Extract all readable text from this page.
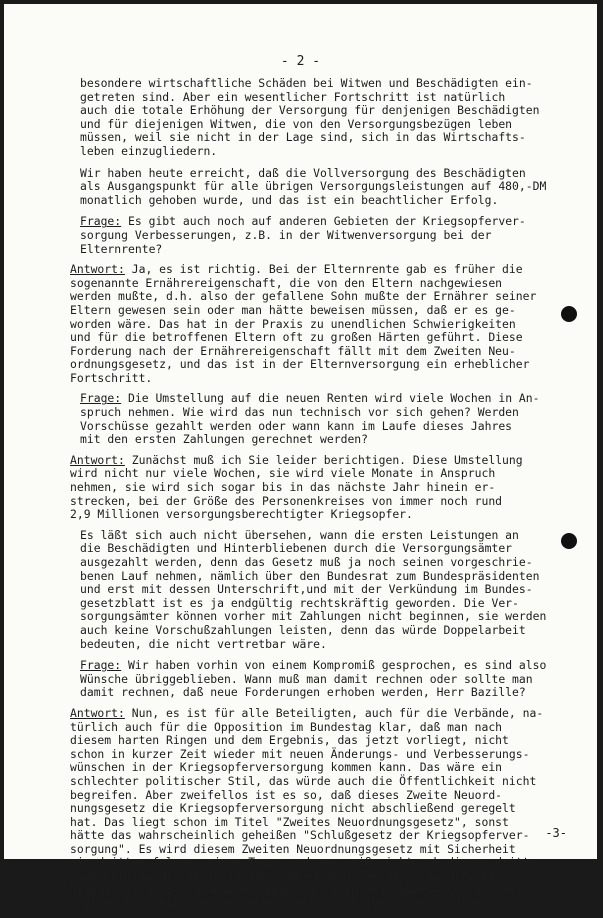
- 2 -
besondere wirtschaftliche Schäden bei Witwen und Beschädigten ein-
getreten sind. Aber ein wesentlicher Fortschritt ist natürlich
auch die totale Erhöhung der Versorgung für denjenigen Beschädigten
und für diejenigen Witwen, die von den Versorgungsbezügen leben
müssen, weil sie nicht in der Lage sind, sich in das Wirtschafts-
leben einzugliedern.
Wir haben heute erreicht, daß die Vollversorgung des Beschädigten
als Ausgangspunkt für alle übrigen Versorgungsleistungen auf 480,-DM
monatlich gehoben wurde, und das ist ein beachtlicher Erfolg.
Frage: Es gibt auch noch auf anderen Gebieten der Kriegsopferver-
sorgung Verbesserungen, z.B. in der Witwenversorgung bei der
Elternrente?
Antwort: Ja, es ist richtig. Bei der Elternrente gab es früher die
sogenannte Ernährereigenschaft, die von den Eltern nachgewiesen
werden mußte, d.h. also der gefallene Sohn mußte der Ernährer seiner
Eltern gewesen sein oder man hätte beweisen müssen, daß er es ge-
worden wäre. Das hat in der Praxis zu unendlichen Schwierigkeiten
und für die betroffenen Eltern oft zu großen Härten geführt. Diese
Forderung nach der Ernährereigenschaft fällt mit dem Zweiten Neu-
ordnungsgesetz, und das ist in der Elternversorgung ein erheblicher
Fortschritt.
Frage: Die Umstellung auf die neuen Renten wird viele Wochen in An-
spruch nehmen. Wie wird das nun technisch vor sich gehen? Werden
Vorschüsse gezahlt werden oder wann kann im Laufe dieses Jahres
mit den ersten Zahlungen gerechnet werden?
Antwort: Zunächst muß ich Sie leider berichtigen. Diese Umstellung
wird nicht nur viele Wochen, sie wird viele Monate in Anspruch
nehmen, sie wird sich sogar bis in das nächste Jahr hinein er-
strecken, bei der Größe des Personenkreises von immer noch rund
2,9 Millionen versorgungsberechtigter Kriegsopfer.
Es läßt sich auch nicht übersehen, wann die ersten Leistungen an
die Beschädigten und Hinterbliebenen durch die Versorgungsämter
ausgezahlt werden, denn das Gesetz muß ja noch seinen vorgeschrie-
benen Lauf nehmen, nämlich über den Bundesrat zum Bundespräsidenten
und erst mit dessen Unterschrift,und mit der Verkündung im Bundes-
gesetzblatt ist es ja endgültig rechtskräftig geworden. Die Ver-
sorgungsämter können vorher mit Zahlungen nicht beginnen, sie werden
auch keine Vorschußzahlungen leisten, denn das würde Doppelarbeit
bedeuten, die nicht vertretbar wäre.
Frage: Wir haben vorhin von einem Kompromiß gesprochen, es sind also
Wünsche übriggeblieben. Wann muß man damit rechnen oder sollte man
damit rechnen, daß neue Forderungen erhoben werden, Herr Bazille?
Antwort: Nun, es ist für alle Beteiligten, auch für die Verbände, na-
türlich auch für die Opposition im Bundestag klar, daß man nach
diesem harten Ringen und dem Ergebnis, das jetzt vorliegt, nicht
schon in kurzer Zeit wieder mit neuen Änderungs- und Verbesserungs-
wünschen in der Kriegsopferversorgung kommen kann. Das wäre ein
schlechter politischer Stil, das würde auch die Öffentlichkeit nicht
begreifen. Aber zweifellos ist es so, daß dieses Zweite Neuord-
nungsgesetz die Kriegsopferversorgung nicht abschließend geregelt
hat. Das liegt schon im Titel "Zweites Neuordnungsgesetz", sonst
hätte das wahrscheinlich geheißen "Schlußgesetz der Kriegsopferver-
sorgung". Es wird diesem Zweiten Neuordnungsgesetz mit Sicherheit
ein drittes folgen, eines Tages,und man weiß nicht, ob dieses dritte
dann bereits die abschließende  Abrundung des Versorgungsrechtes
bringen wird. Ich glaube es nicht. Es wird möglicherweise nach dem
dritten noch ein viertes geben, denn die Kriegsopferversorgung
-3-
